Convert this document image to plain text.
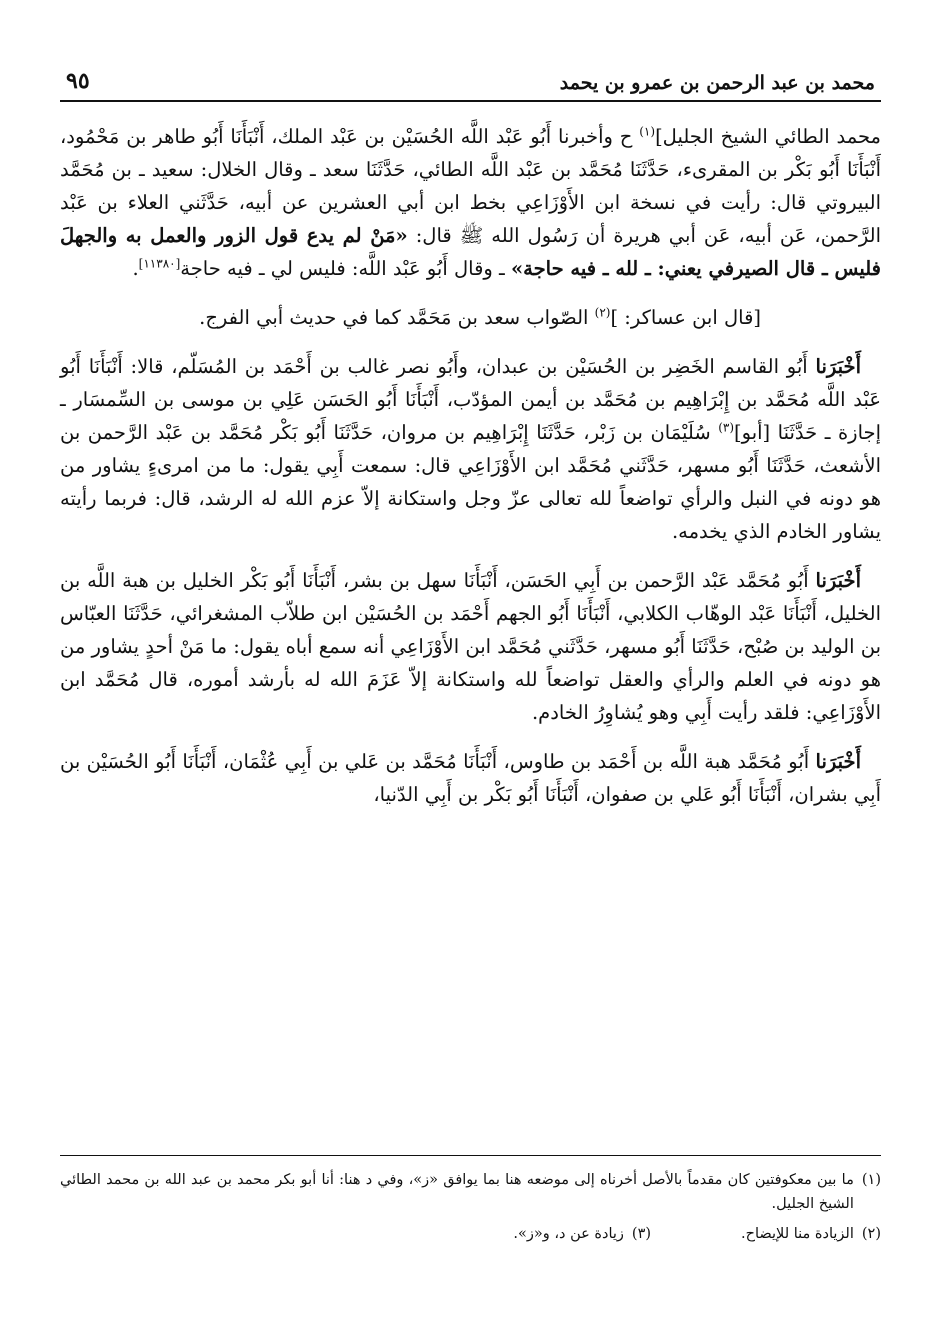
محمد بن عبد الرحمن بن عمرو بن يحمد
٩٥

محمد الطائي الشيخ الجليل]$^{(١)}$ ح وأخبرنا أَبُو عَبْد اللَّه الحُسَيْن بن عَبْد الملك، أَنْبَأَنَا أَبُو طاهر بن مَحْمُود، أَنْبَأَنَا أَبُو بَكْر بن المقرىء، حَدَّثَنَا مُحَمَّد بن عَبْد اللَّه الطائي، حَدَّثَنَا سعد ـ وقال الخلال: سعيد ـ بن مُحَمَّد البيروتي قال: رأيت في نسخة ابن الأَوْزَاعِي بخط ابن أبي العشرين عن أبيه، حَدَّثَني العلاء بن عَبْد الرَّحمن، عَن أبيه، عَن أبي هريرة أن رَسُول الله ﷺ قال: «مَنْ لم يدع قول الزور والعمل به والجهلَ فليس ـ قال الصيرفي يعني: ـ لله ـ فيه حاجة» ـ وقال أَبُو عَبْد اللَّه: فليس لي ـ فيه حاجة[١١٣٨٠].

[قال ابن عساكر: ]$^{(٢)}$ الصّواب سعد بن مَحَمَّد كما في حديث أبي الفرج.

أَخْبَرَنا أَبُو القاسم الخَضِر بن الحُسَيْن بن عبدان، وأَبُو نصر غالب بن أَحْمَد بن المُسَلّم، قالا: أَنْبَأَنَا أَبُو عَبْد اللَّه مُحَمَّد بن إِبْرَاهِيم بن مُحَمَّد بن أيمن المؤدّب، أَنْبَأَنَا أَبُو الحَسَن عَلِي بن موسى بن السِّمسَار ـ إجازة ـ حَدَّثَنَا [أبو]$^{(٣)}$ سُلَيْمَان بن زَبْر، حَدَّثَنَا إِبْرَاهِيم بن مروان، حَدَّثَنَا أَبُو بَكْر مُحَمَّد بن عَبْد الرَّحمن بن الأشعث، حَدَّثَنَا أَبُو مسهر، حَدَّثَني مُحَمَّد ابن الأَوْزَاعِي قال: سمعت أَبِي يقول: ما من امرىءٍ يشاور من هو دونه في النبل والرأي تواضعاً لله تعالى عزّ وجل واستكانة إلاّ عزم الله له الرشد، قال: فربما رأيته يشاور الخادم الذي يخدمه.

أَخْبَرَنا أَبُو مُحَمَّد عَبْد الرَّحمن بن أَبِي الحَسَن، أَنْبَأَنَا سهل بن بشر، أَنْبَأَنَا أَبُو بَكْر الخليل بن هبة اللَّه بن الخليل، أَنْبَأَنَا عَبْد الوهّاب الكلابي، أَنْبَأَنَا أَبُو الجهم أَحْمَد بن الحُسَيْن ابن طلاّب المشغرائي، حَدَّثَنَا العبّاس بن الوليد بن صُبْح، حَدَّثَنَا أَبُو مسهر، حَدَّثَني مُحَمَّد ابن الأَوْزَاعِي أنه سمع أباه يقول: ما مَنْ أحدٍ يشاور من هو دونه في العلم والرأي والعقل تواضعاً لله واستكانة إلاّ عَزَمَ الله له بأرشد أموره، قال مُحَمَّد ابن الأَوْزَاعِي: فلقد رأيت أَبِي وهو يُشاوِرُ الخادم.

أَخْبَرَنا أَبُو مُحَمَّد هبة اللَّه بن أَحْمَد بن طاوس، أَنْبَأَنَا مُحَمَّد بن عَلي بن أَبِي عُثْمَان، أَنْبَأَنَا أَبُو الحُسَيْن بن أَبِي بشران، أَنْبَأَنَا أَبُو عَلي بن صفوان، أَنْبَأَنَا أَبُو بَكْر بن أَبِي الدّنيا،

(١)
ما بين معكوفتين كان مقدماً بالأصل أخرناه إلى موضعه هنا بما يوافق «ز»، وفي د هنا: أنا أبو بكر محمد بن عبد الله بن محمد الطائي الشيخ الجليل.
(٢)
الزيادة منا للإيضاح.
(٣)
زيادة عن د، و«ز».
